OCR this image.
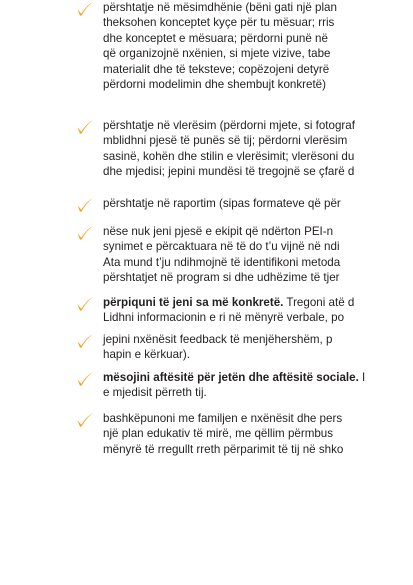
përshtatje në mësimdhënie (bëni gati një plan
theksohen konceptet kyçe për tu mësuar; rris
dhe konceptet e mësuara; përdorni punë në
që organizojnë nxënien, si mjete vizive, tabe
materialit dhe të teksteve; copëzojeni detyrë
përdorni modelimin dhe shembujt konkretë)
përshtatje në vlerësim (përdorni mjete, si fotograf
mblidhni pjesë të punës së tij; përdorni vlerësim
sasinë, kohën dhe stilin e vlerësimit; vlerësoni du
dhe mjedisi; jepini mundësi të tregojnë se çfarë d
përshtatje në raportim (sipas formateve që për
nëse nuk jeni pjesë e ekipit që ndërton PEI-n
synimet e përcaktuara në të do t’u vijnë në ndi
Ata mund t’ju ndihmojnë të identifikoni metoda
përshtatjet në program si dhe udhëzime të tjer
përpiquni të jeni sa më konkretë. Tregoni atë d
Lidhni informacionin e ri në mënyrë verbale, po
jepini nxënësit feedback të menjëhershëm, p
hapin e kërkuar).
mësojini aftësitë për jetën dhe aftësitë sociale. I
e mjedisit përreth tij.
bashkëpunoni me familjen e nxënësit dhe pers
një plan edukativ të mirë, me qëllim përmbus
mënyrë të rregullt rreth përparimit të tij në shko
